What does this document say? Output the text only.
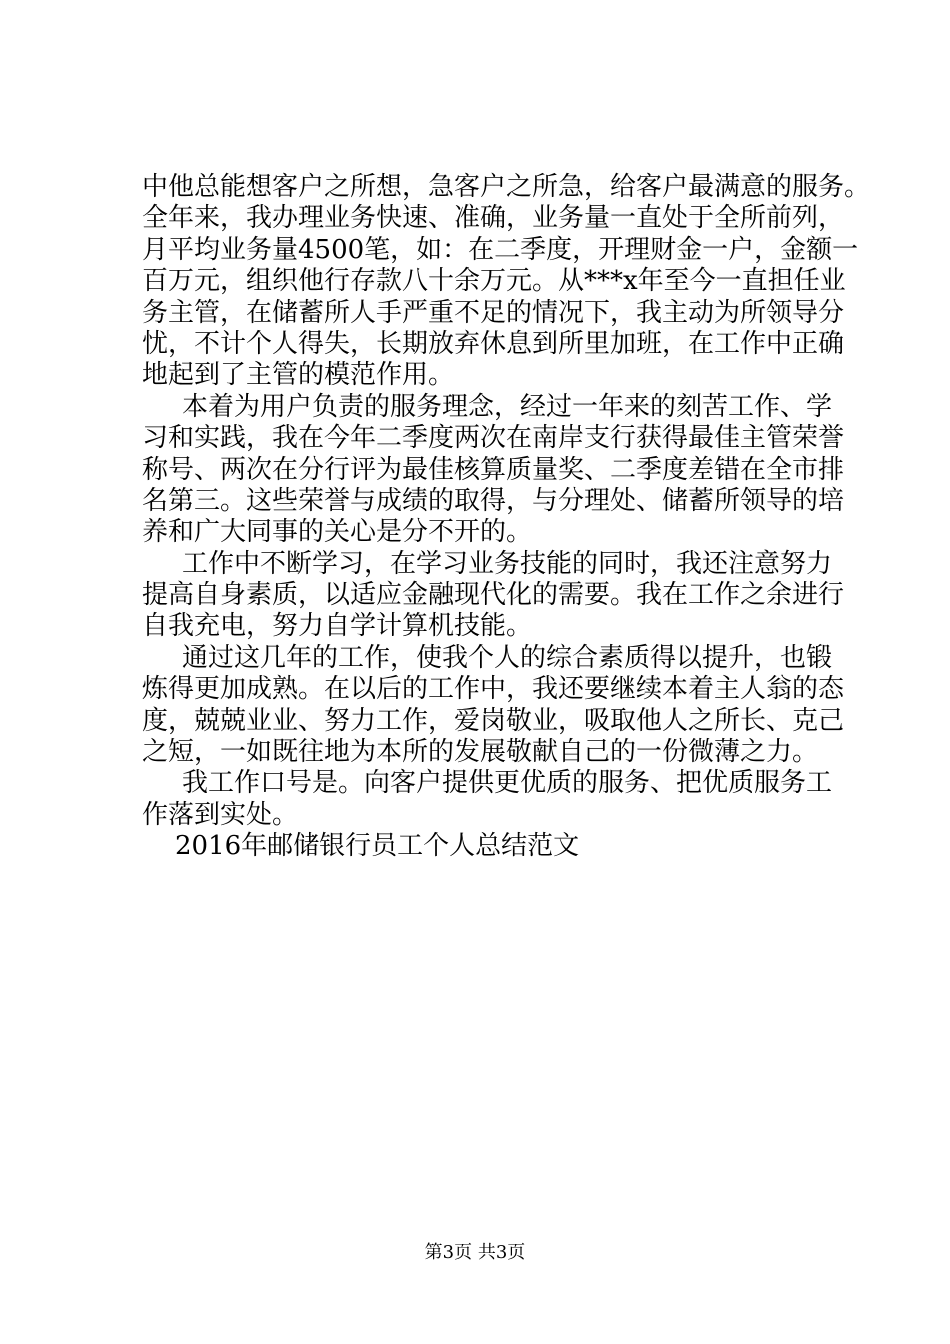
中他总能想客户之所想，急客户之所急，给客户最满意的服务。
全年来，我办理业务快速、准确，业务量一直处于全所前列，
月平均业务量4500笔，如：在二季度，开理财金一户，金额一
百万元，组织他行存款八十余万元。从***x年至今一直担任业
务主管，在储蓄所人手严重不足的情况下，我主动为所领导分
忧，不计个人得失，长期放弃休息到所里加班，在工作中正确
地起到了主管的模范作用。
本着为用户负责的服务理念，经过一年来的刻苦工作、学
习和实践，我在今年二季度两次在南岸支行获得最佳主管荣誉
称号、两次在分行评为最佳核算质量奖、二季度差错在全市排
名第三。这些荣誉与成绩的取得，与分理处、储蓄所领导的培
养和广大同事的关心是分不开的。
工作中不断学习，在学习业务技能的同时，我还注意努力
提高自身素质，以适应金融现代化的需要。我在工作之余进行
自我充电，努力自学计算机技能。
通过这几年的工作，使我个人的综合素质得以提升，也锻
炼得更加成熟。在以后的工作中，我还要继续本着主人翁的态
度，兢兢业业、努力工作，爱岗敬业，吸取他人之所长、克己
之短，一如既往地为本所的发展敬献自己的一份微薄之力。
我工作口号是。向客户提供更优质的服务、把优质服务工
作落到实处。
2016年邮储银行员工个人总结范文
第3页 共3页
